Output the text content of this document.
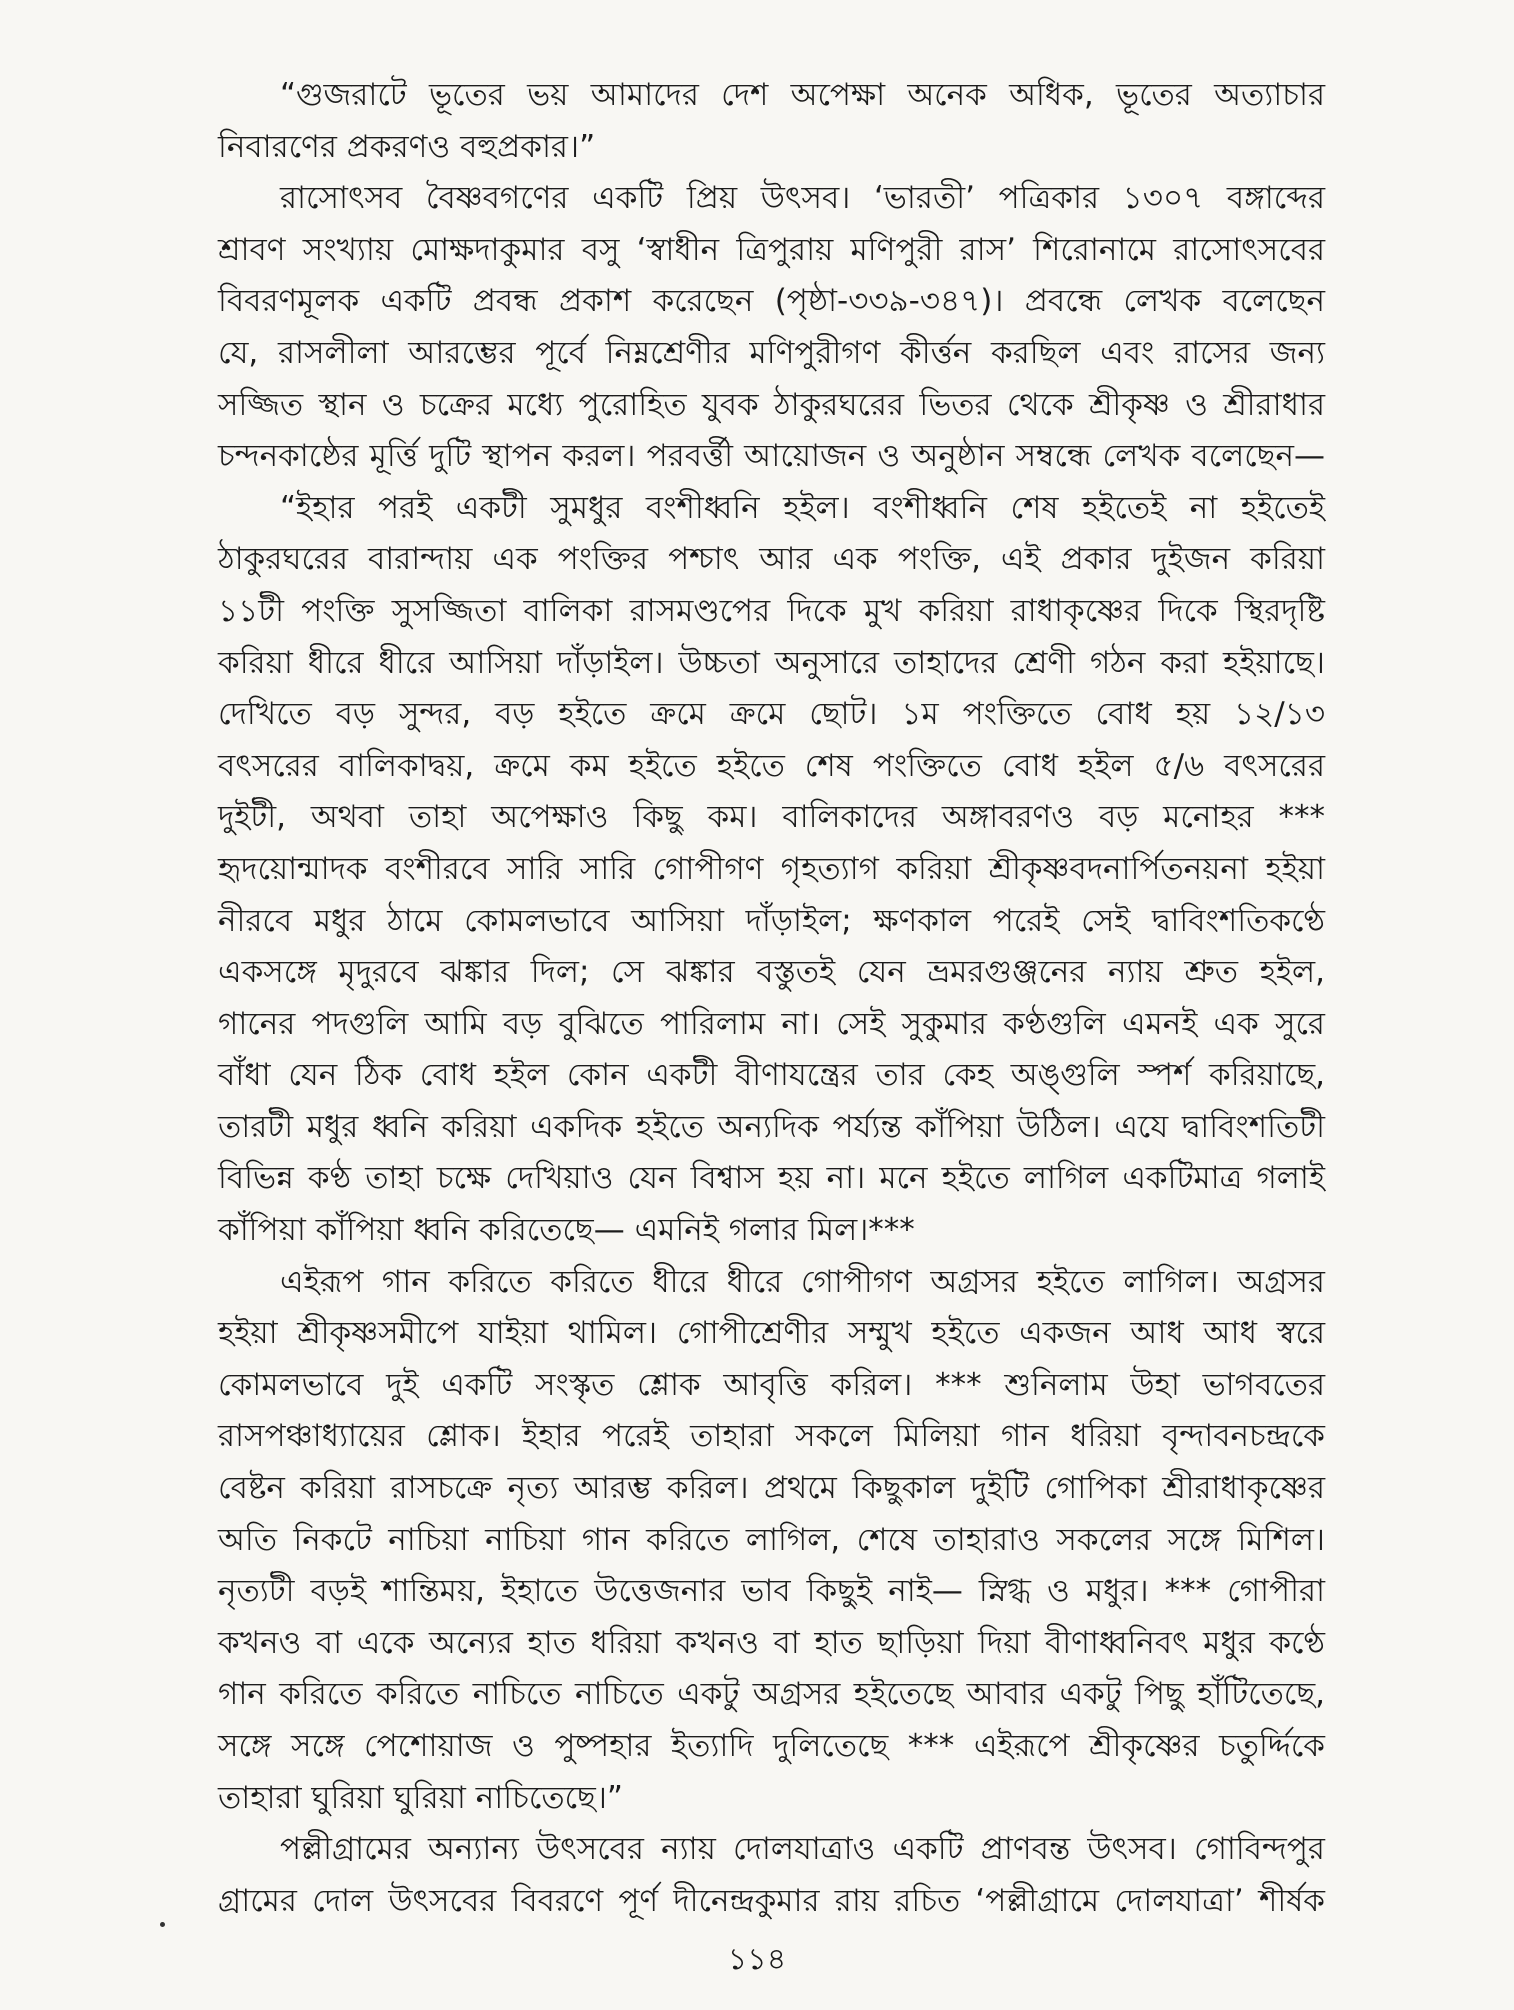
“গুজরাটে ভূতের ভয় আমাদের দেশ অপেক্ষা অনেক অধিক, ভূতের অত্যাচার
নিবারণের প্রকরণও বহুপ্রকার।”
রাসোৎসব বৈষ্ণবগণের একটি প্রিয় উৎসব। ‘ভারতী’ পত্রিকার ১৩০৭ বঙ্গাব্দের
শ্রাবণ সংখ্যায় মোক্ষদাকুমার বসু ‘স্বাধীন ত্রিপুরায় মণিপুরী রাস’ শিরোনামে রাসোৎসবের
বিবরণমূলক একটি প্রবন্ধ প্রকাশ করেছেন (পৃষ্ঠা-৩৩৯-৩৪৭)। প্রবন্ধে লেখক বলেছেন
যে, রাসলীলা আরম্ভের পূর্বে নিম্নশ্রেণীর মণিপুরীগণ কীর্ত্তন করছিল এবং রাসের জন্য
সজ্জিত স্থান ও চক্রের মধ্যে পুরোহিত যুবক ঠাকুরঘরের ভিতর থেকে শ্রীকৃষ্ণ ও শ্রীরাধার
চন্দনকাষ্ঠের মূর্ত্তি দুটি স্থাপন করল। পরবর্ত্তী আয়োজন ও অনুষ্ঠান সম্বন্ধে লেখক বলেছেন—
“ইহার পরই একটী সুমধুর বংশীধ্বনি হইল। বংশীধ্বনি শেষ হইতেই না হইতেই
ঠাকুরঘরের বারান্দায় এক পংক্তির পশ্চাৎ আর এক পংক্তি, এই প্রকার দুইজন করিয়া
১১টী পংক্তি সুসজ্জিতা বালিকা রাসমণ্ডপের দিকে মুখ করিয়া রাধাকৃষ্ণের দিকে স্থিরদৃষ্টি
করিয়া ধীরে ধীরে আসিয়া দাঁড়াইল। উচ্চতা অনুসারে তাহাদের শ্রেণী গঠন করা হইয়াছে।
দেখিতে বড় সুন্দর, বড় হইতে ক্রমে ক্রমে ছোট। ১ম পংক্তিতে বোধ হয় ১২/১৩
বৎসরের বালিকাদ্বয়, ক্রমে কম হইতে হইতে শেষ পংক্তিতে বোধ হইল ৫/৬ বৎসরের
দুইটী, অথবা তাহা অপেক্ষাও কিছু কম। বালিকাদের অঙ্গাবরণও বড় মনোহর ***
হৃদয়োন্মাদক বংশীরবে সারি সারি গোপীগণ গৃহত্যাগ করিয়া শ্রীকৃষ্ণবদনার্পিতনয়না হইয়া
নীরবে মধুর ঠামে কোমলভাবে আসিয়া দাঁড়াইল; ক্ষণকাল পরেই সেই দ্বাবিংশতিকণ্ঠে
একসঙ্গে মৃদুরবে ঝঙ্কার দিল; সে ঝঙ্কার বস্তুতই যেন ভ্রমরগুঞ্জনের ন্যায় শ্রুত হইল,
গানের পদগুলি আমি বড় বুঝিতে পারিলাম না। সেই সুকুমার কণ্ঠগুলি এমনই এক সুরে
বাঁধা যেন ঠিক বোধ হইল কোন একটী বীণাযন্ত্রের তার কেহ অঙ্গুলি স্পর্শ করিয়াছে,
তারটী মধুর ধ্বনি করিয়া একদিক হইতে অন্যদিক পর্য্যন্ত কাঁপিয়া উঠিল। এযে দ্বাবিংশতিটী
বিভিন্ন কণ্ঠ তাহা চক্ষে দেখিয়াও যেন বিশ্বাস হয় না। মনে হইতে লাগিল একটিমাত্র গলাই
কাঁপিয়া কাঁপিয়া ধ্বনি করিতেছে— এমনিই গলার মিল।***
এইরূপ গান করিতে করিতে ধীরে ধীরে গোপীগণ অগ্রসর হইতে লাগিল। অগ্রসর
হইয়া শ্রীকৃষ্ণসমীপে যাইয়া থামিল। গোপীশ্রেণীর সম্মুখ হইতে একজন আধ আধ স্বরে
কোমলভাবে দুই একটি সংস্কৃত শ্লোক আবৃত্তি করিল। *** শুনিলাম উহা ভাগবতের
রাসপঞ্চাধ্যায়ের শ্লোক। ইহার পরেই তাহারা সকলে মিলিয়া গান ধরিয়া বৃন্দাবনচন্দ্রকে
বেষ্টন করিয়া রাসচক্রে নৃত্য আরম্ভ করিল। প্রথমে কিছুকাল দুইটি গোপিকা শ্রীরাধাকৃষ্ণের
অতি নিকটে নাচিয়া নাচিয়া গান করিতে লাগিল, শেষে তাহারাও সকলের সঙ্গে মিশিল।
নৃত্যটী বড়ই শান্তিময়, ইহাতে উত্তেজনার ভাব কিছুই নাই— স্নিগ্ধ ও মধুর। *** গোপীরা
কখনও বা একে অন্যের হাত ধরিয়া কখনও বা হাত ছাড়িয়া দিয়া বীণাধ্বনিবৎ মধুর কণ্ঠে
গান করিতে করিতে নাচিতে নাচিতে একটু অগ্রসর হইতেছে আবার একটু পিছু হাঁটিতেছে,
সঙ্গে সঙ্গে পেশোয়াজ ও পুষ্পহার ইত্যাদি দুলিতেছে *** এইরূপে শ্রীকৃষ্ণের চতুর্দ্দিকে
তাহারা ঘুরিয়া ঘুরিয়া নাচিতেছে।”
পল্লীগ্রামের অন্যান্য উৎসবের ন্যায় দোলযাত্রাও একটি প্রাণবন্ত উৎসব। গোবিন্দপুর
গ্রামের দোল উৎসবের বিবরণে পূর্ণ দীনেন্দ্রকুমার রায় রচিত ‘পল্লীগ্রামে দোলযাত্রা’ শীর্ষক
১১৪
